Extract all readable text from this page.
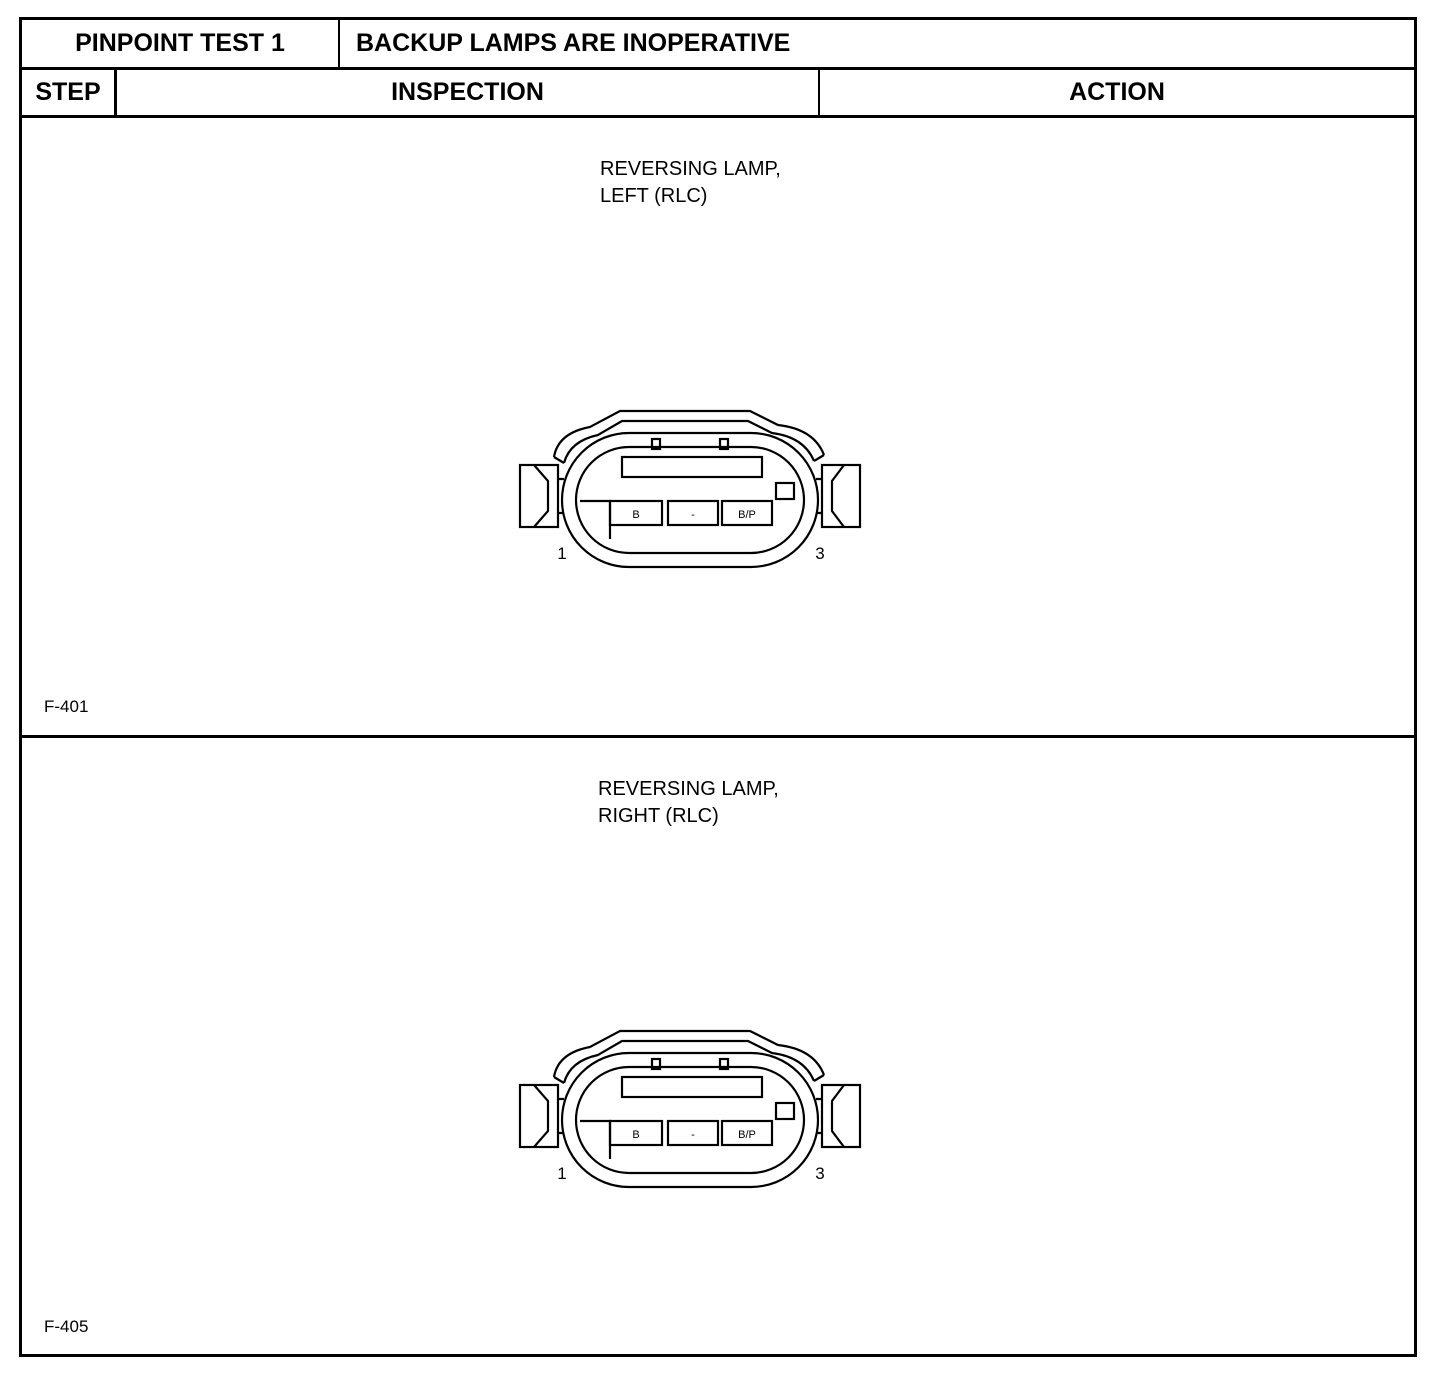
PINPOINT TEST 1	BACKUP LAMPS ARE INOPERATIVE
STEP	INSPECTION	ACTION
REVERSING LAMP,
LEFT (RLC)
B	-	B/P
1	3
F-401
REVERSING LAMP,
RIGHT (RLC)
B	-	B/P
1	3
F-405
